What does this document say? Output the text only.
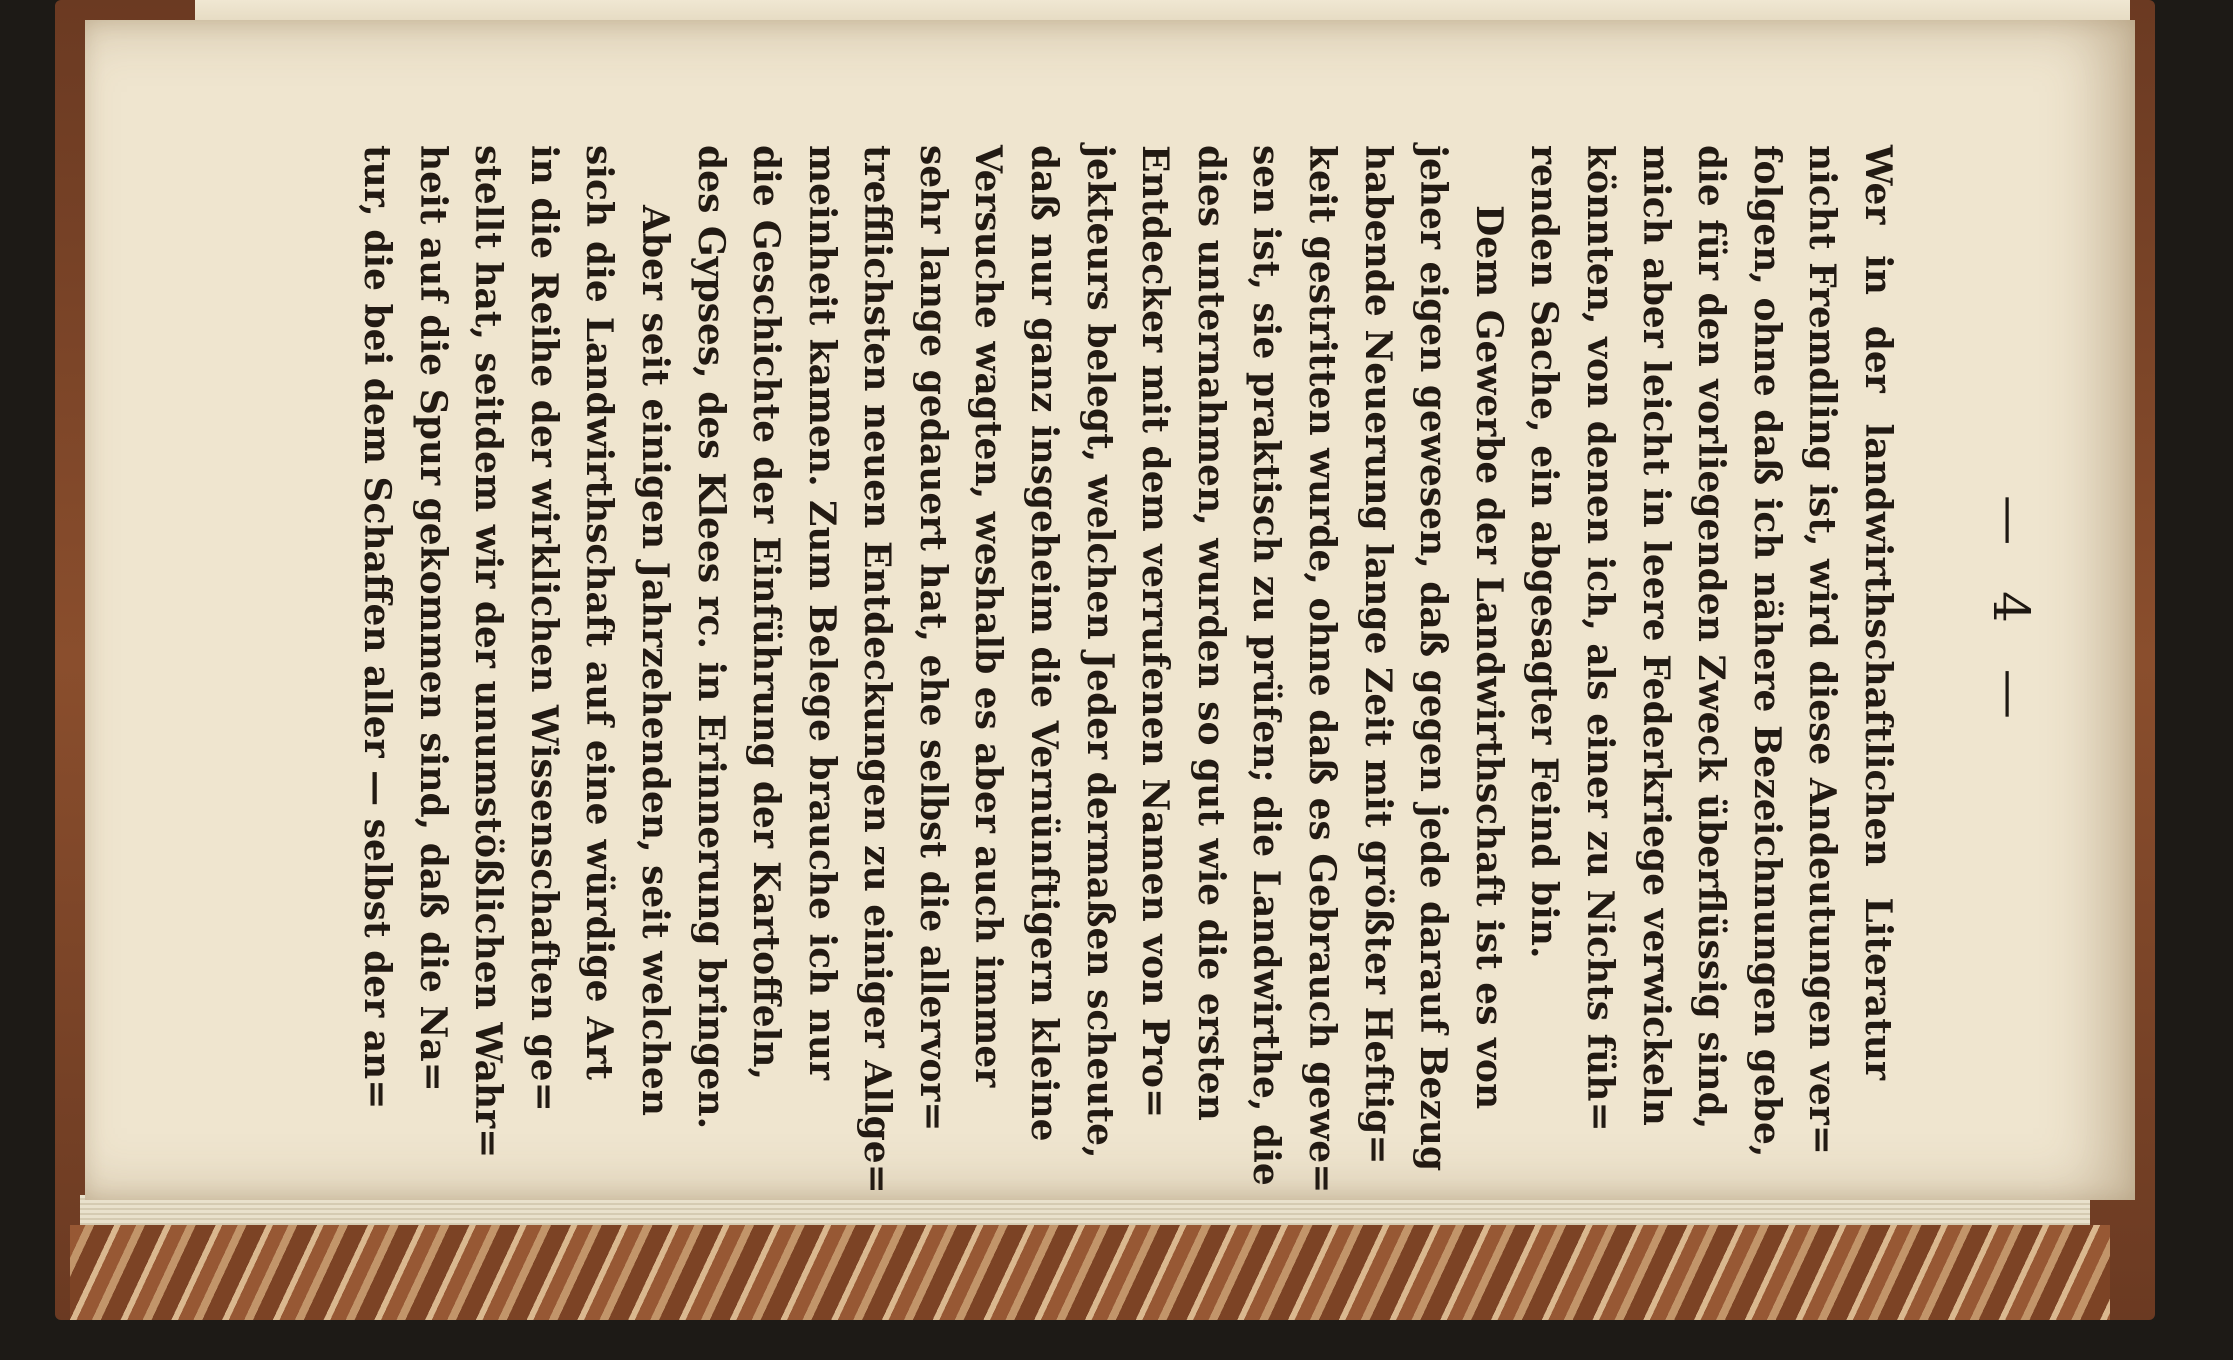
—4—
Wer in der landwirthschaftlichen Literatur
nicht Fremdling ist, wird diese Andeutungen ver=
folgen, ohne daß ich nähere Bezeichnungen gebe,
die für den vorliegenden Zweck überflüssig sind,
mich aber leicht in leere Federkriege verwickeln
könnten, von denen ich, als einer zu Nichts füh=
renden Sache, ein abgesagter Feind bin.
Dem Gewerbe der Landwirthschaft ist es von
jeher eigen gewesen, daß gegen jede darauf Bezug
habende Neuerung lange Zeit mit größter Heftig=
keit gestritten wurde, ohne daß es Gebrauch gewe=
sen ist, sie praktisch zu prüfen; die Landwirthe, die
dies unternahmen, wurden so gut wie die ersten
Entdecker mit dem verrufenen Namen von Pro=
jekteurs belegt, welchen Jeder dermaßen scheute,
daß nur ganz insgeheim die Vernünftigern kleine
Versuche wagten, weshalb es aber auch immer
sehr lange gedauert hat, ehe selbst die allervor=
trefflichsten neuen Entdeckungen zu einiger Allge=
meinheit kamen. Zum Belege brauche ich nur
die Geschichte der Einführung der Kartoffeln,
des Gypses, des Klees rc. in Erinnerung bringen.
Aber seit einigen Jahrzehenden, seit welchen
sich die Landwirthschaft auf eine würdige Art
in die Reihe der wirklichen Wissenschaften ge=
stellt hat, seitdem wir der unumstößlichen Wahr=
heit auf die Spur gekommen sind, daß die Na=
tur, die bei dem Schaffen aller — selbst der an=
